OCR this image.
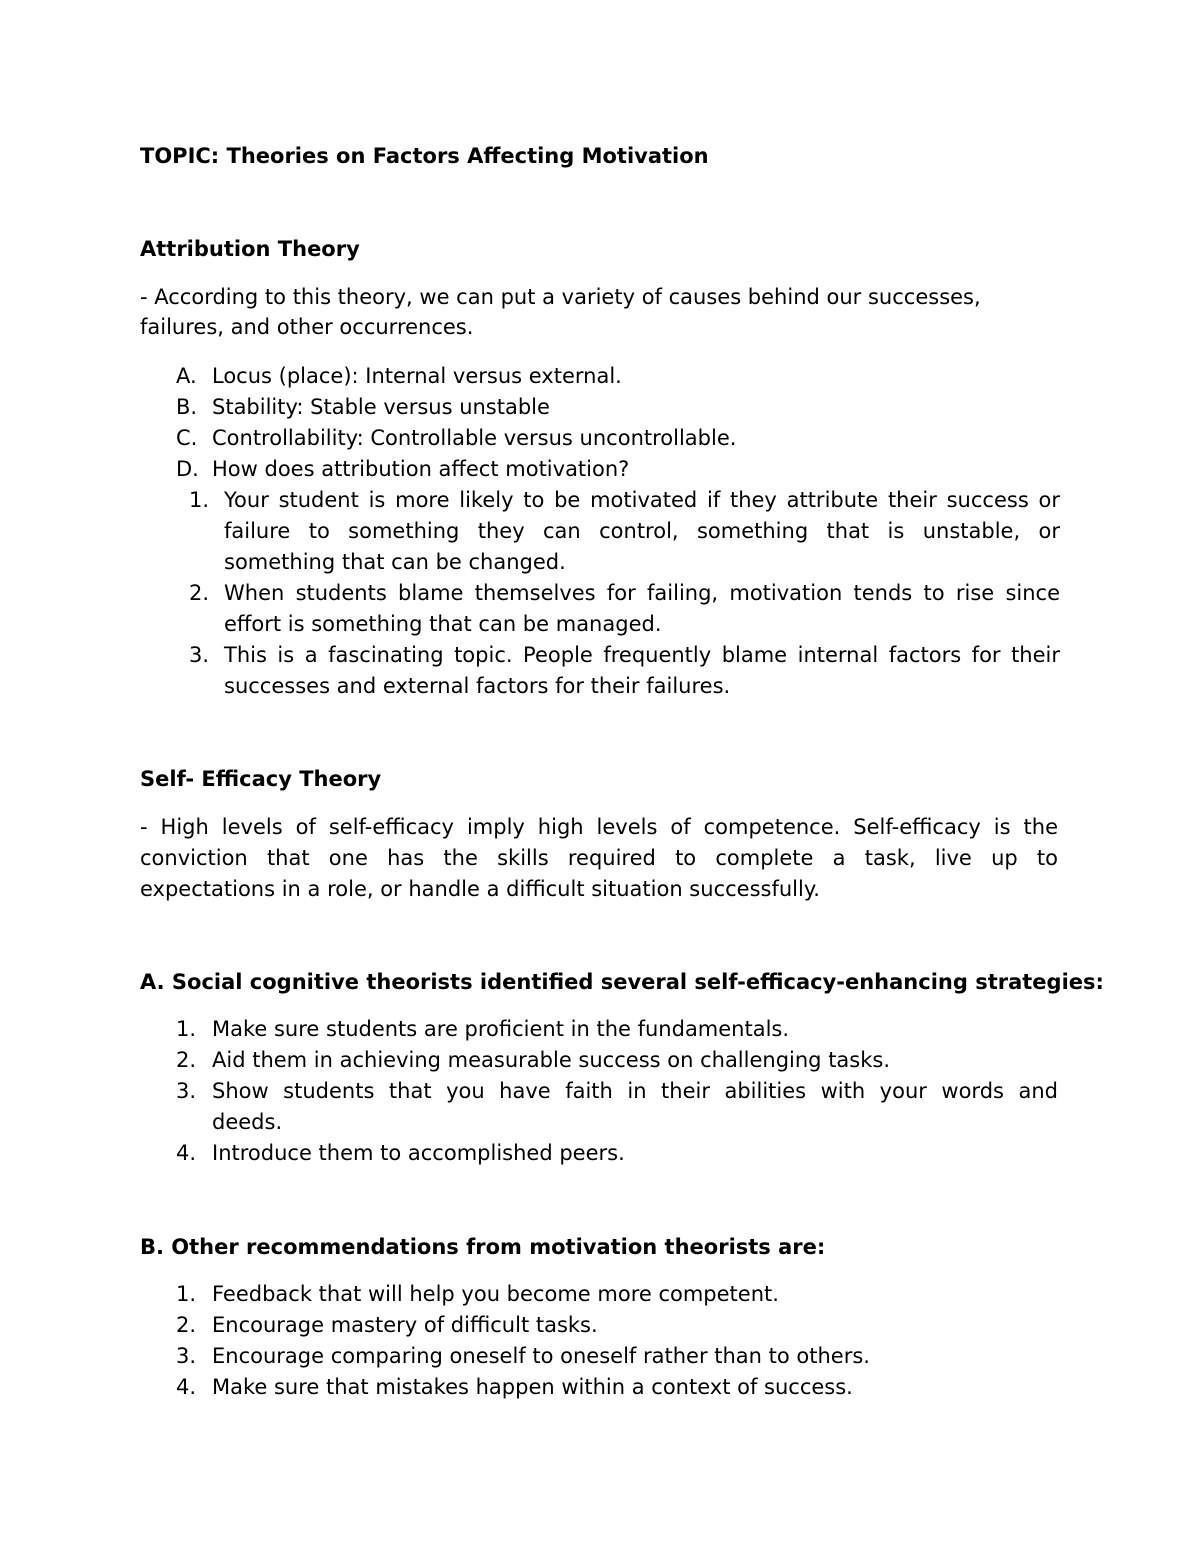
TOPIC: Theories on Factors Affecting Motivation
Attribution Theory
- According to this theory, we can put a variety of causes behind our successes,
failures, and other occurrences.
A. Locus (place): Internal versus external.
B. Stability: Stable versus unstable
C. Controllability: Controllable versus uncontrollable.
D. How does attribution affect motivation?
1. Your student is more likely to be motivated if they attribute their success or
failure to something they can control, something that is unstable, or
something that can be changed.
2. When students blame themselves for failing, motivation tends to rise since
effort is something that can be managed.
3. This is a fascinating topic. People frequently blame internal factors for their
successes and external factors for their failures.
Self- Efficacy Theory
- High levels of self-efficacy imply high levels of competence. Self-efficacy is the
conviction that one has the skills required to complete a task, live up to
expectations in a role, or handle a difficult situation successfully.
A. Social cognitive theorists identified several self-efficacy-enhancing strategies:
1. Make sure students are proficient in the fundamentals.
2. Aid them in achieving measurable success on challenging tasks.
3. Show students that you have faith in their abilities with your words and
deeds.
4. Introduce them to accomplished peers.
B. Other recommendations from motivation theorists are:
1. Feedback that will help you become more competent.
2. Encourage mastery of difficult tasks.
3. Encourage comparing oneself to oneself rather than to others.
4. Make sure that mistakes happen within a context of success.
